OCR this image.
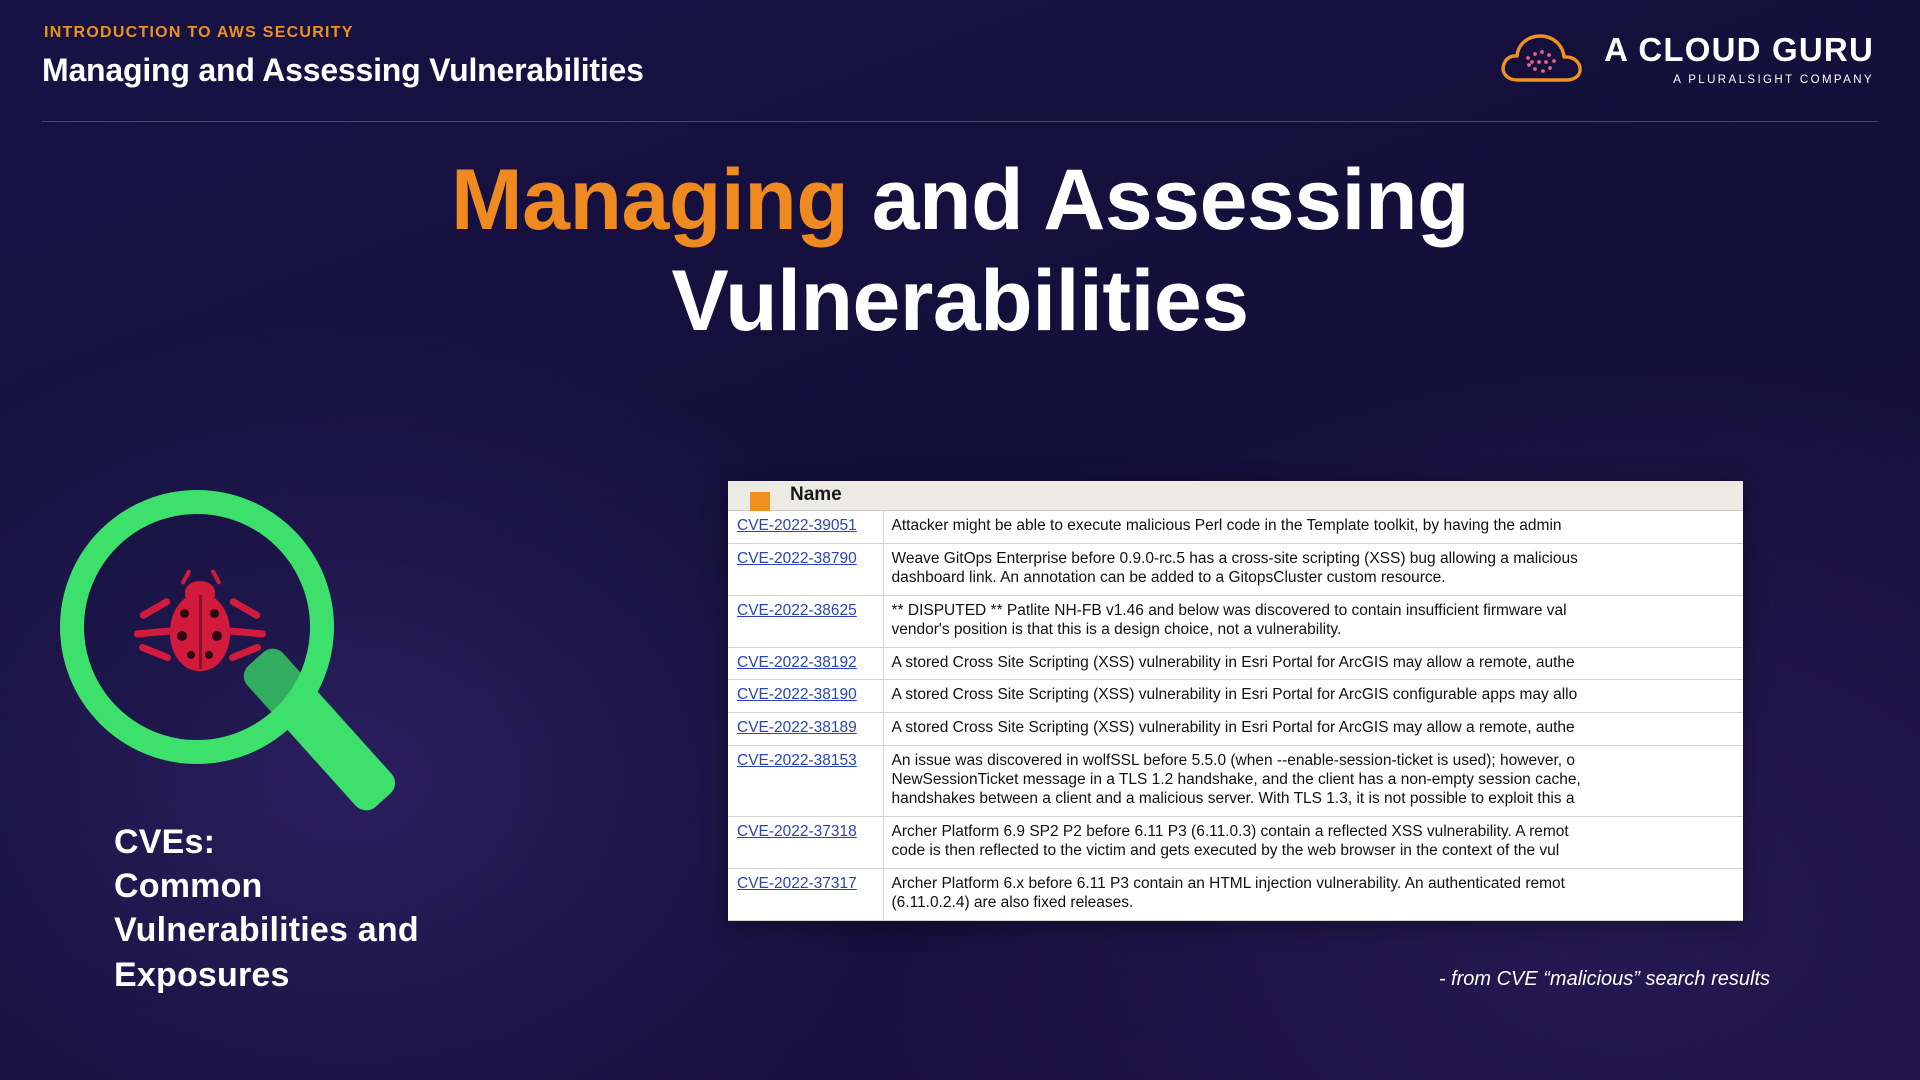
INTRODUCTION TO AWS SECURITY
Managing and Assessing Vulnerabilities
A CLOUD GURU
A PLURALSIGHT COMPANY
Managing and Assessing
Vulnerabilities
CVEs:
Common
Vulnerabilities and
Exposures
Name
CVE-2022-39051	Attacker might be able to execute malicious Perl code in the Template toolkit, by having the admin

CVE-2022-38790	Weave GitOps Enterprise before 0.9.0-rc.5 has a cross-site scripting (XSS) bug allowing a malicious
dashboard link. An annotation can be added to a GitopsCluster custom resource.

CVE-2022-38625	** DISPUTED ** Patlite NH-FB v1.46 and below was discovered to contain insufficient firmware val
vendor's position is that this is a design choice, not a vulnerability.

CVE-2022-38192	A stored Cross Site Scripting (XSS) vulnerability in Esri Portal for ArcGIS may allow a remote, authe

CVE-2022-38190	A stored Cross Site Scripting (XSS) vulnerability in Esri Portal for ArcGIS configurable apps may allo

CVE-2022-38189	A stored Cross Site Scripting (XSS) vulnerability in Esri Portal for ArcGIS may allow a remote, authe

CVE-2022-38153	An issue was discovered in wolfSSL before 5.5.0 (when --enable-session-ticket is used); however, o
NewSessionTicket message in a TLS 1.2 handshake, and the client has a non-empty session cache,
handshakes between a client and a malicious server. With TLS 1.3, it is not possible to exploit this a

CVE-2022-37318	Archer Platform 6.9 SP2 P2 before 6.11 P3 (6.11.0.3) contain a reflected XSS vulnerability. A remot
code is then reflected to the victim and gets executed by the web browser in the context of the vul

CVE-2022-37317	Archer Platform 6.x before 6.11 P3 contain an HTML injection vulnerability. An authenticated remot
(6.11.0.2.4) are also fixed releases.
- from CVE “malicious” search results
